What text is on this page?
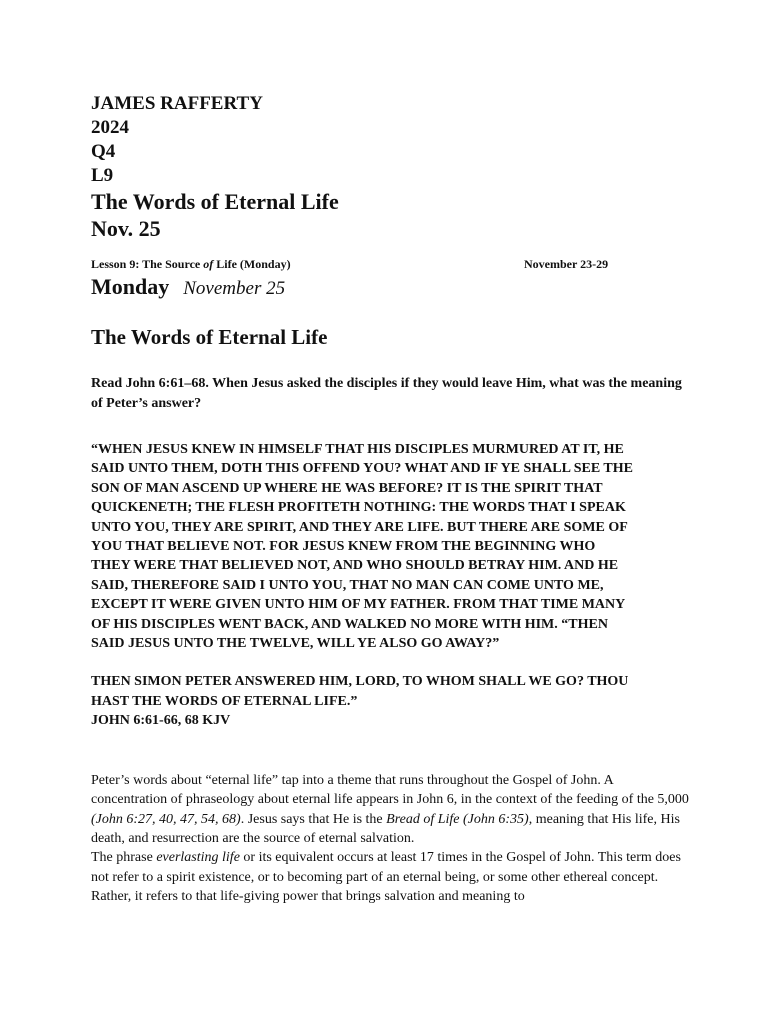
JAMES RAFFERTY
2024
Q4
L9
The Words of Eternal Life
Nov. 25
Lesson 9: The Source of Life (Monday)	November 23-29
Monday November 25
The Words of Eternal Life
Read John 6:61–68. When Jesus asked the disciples if they would leave Him, what was the meaning of Peter’s answer?
“WHEN JESUS KNEW IN HIMSELF THAT HIS DISCIPLES MURMURED AT IT, HE
SAID UNTO THEM, DOTH THIS OFFEND YOU? WHAT AND IF YE SHALL SEE THE
SON OF MAN ASCEND UP WHERE HE WAS BEFORE? IT IS THE SPIRIT THAT
QUICKENETH; THE FLESH PROFITETH NOTHING: THE WORDS THAT I SPEAK
UNTO YOU, THEY ARE SPIRIT, AND THEY ARE LIFE. BUT THERE ARE SOME OF
YOU THAT BELIEVE NOT. FOR JESUS KNEW FROM THE BEGINNING WHO
THEY WERE THAT BELIEVED NOT, AND WHO SHOULD BETRAY HIM. AND HE
SAID, THEREFORE SAID I UNTO YOU, THAT NO MAN CAN COME UNTO ME,
EXCEPT IT WERE GIVEN UNTO HIM OF MY FATHER. FROM THAT TIME MANY
OF HIS DISCIPLES WENT BACK, AND WALKED NO MORE WITH HIM. “THEN
SAID JESUS UNTO THE TWELVE, WILL YE ALSO GO AWAY?”
THEN SIMON PETER ANSWERED HIM, LORD, TO WHOM SHALL WE GO? THOU
HAST THE WORDS OF ETERNAL LIFE.”
JOHN 6:61-66, 68 KJV

Peter’s words about “eternal life” tap into a theme that runs throughout the Gospel of John. A concentration of phraseology about eternal life appears in John 6, in the context of the feeding of the 5,000 (John 6:27, 40, 47, 54, 68). Jesus says that He is the Bread of Life (John 6:35), meaning that His life, His death, and resurrection are the source of eternal salvation.

The phrase everlasting life or its equivalent occurs at least 17 times in the Gospel of John. This term does not refer to a spirit existence, or to becoming part of an eternal being, or some other ethereal concept. Rather, it refers to that life-giving power that brings salvation and meaning to
